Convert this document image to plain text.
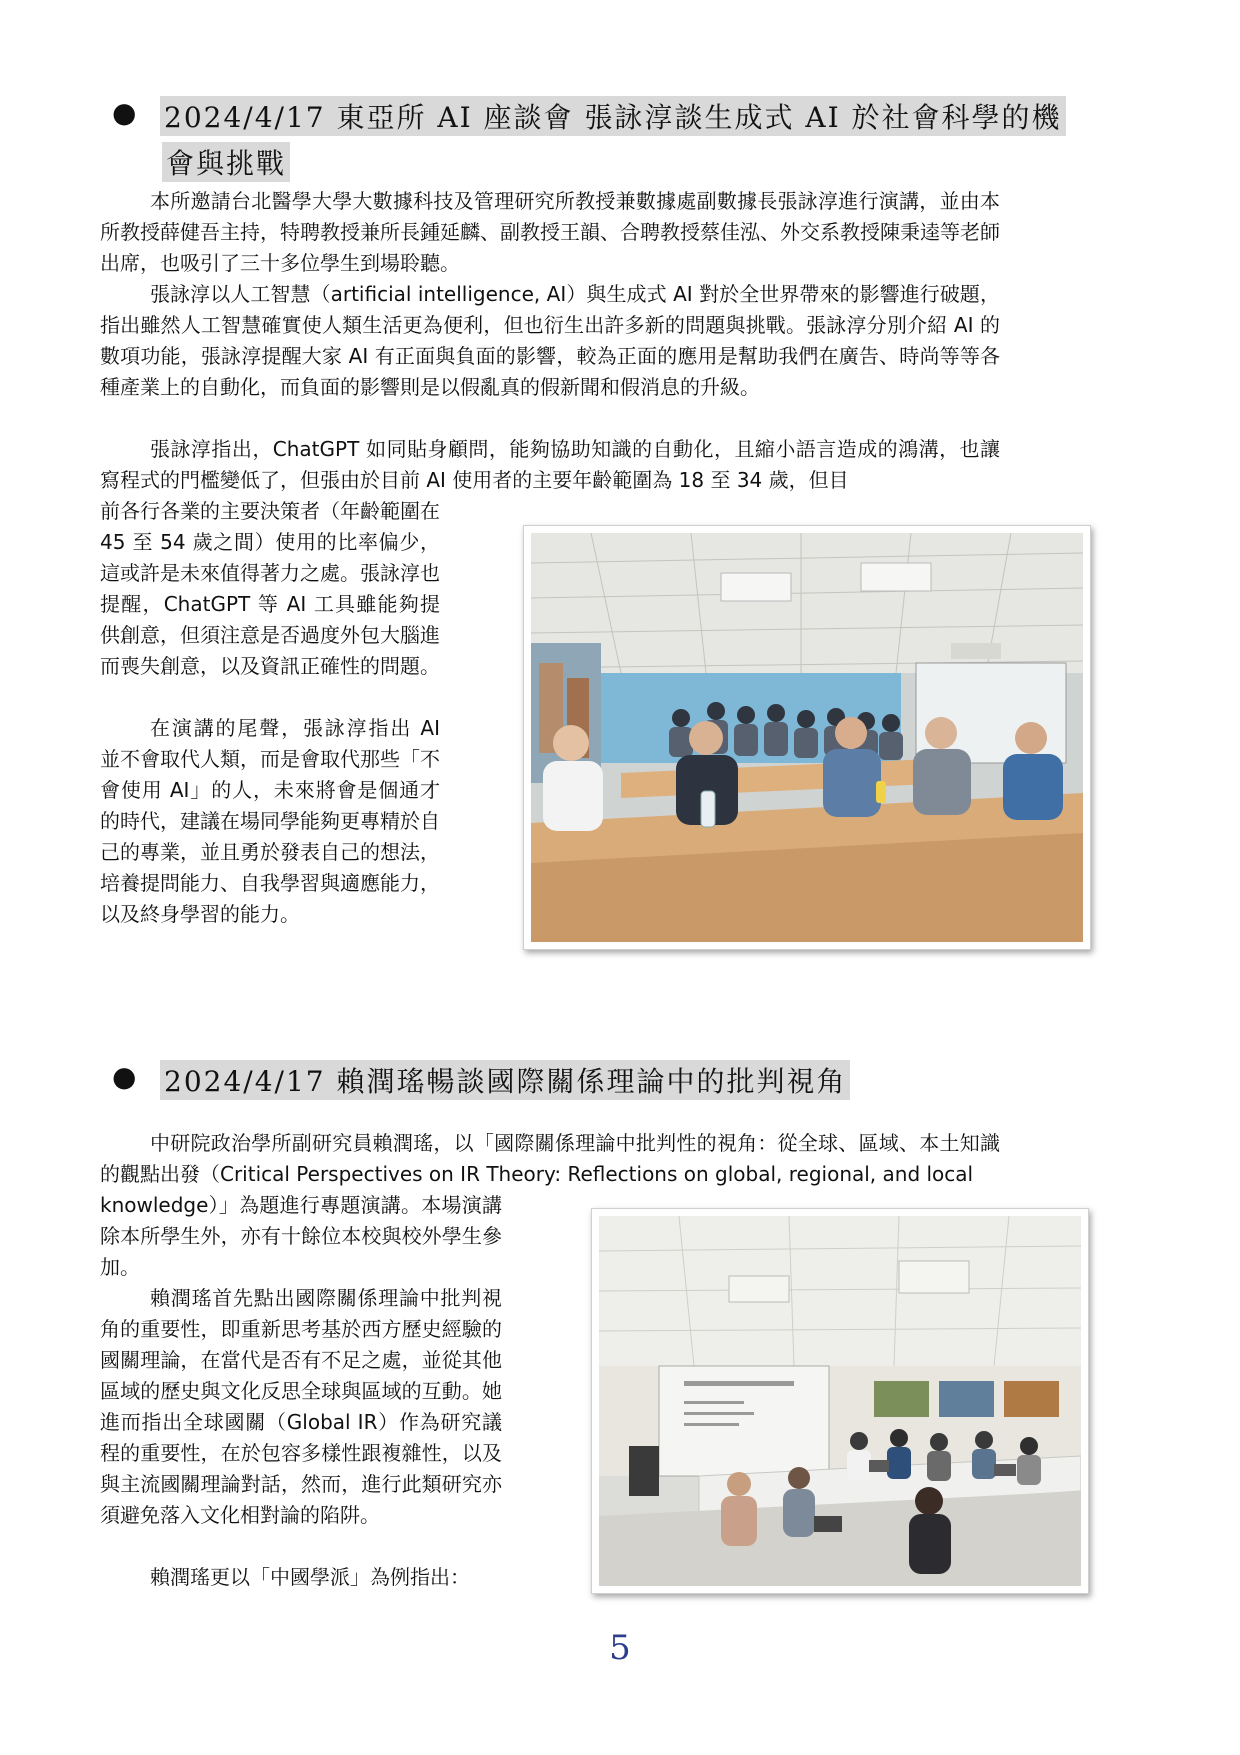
● 2024/4/17 東亞所 AI 座談會 張詠淳談生成式 AI 於社會科學的機
會與挑戰

本所邀請台北醫學大學大數據科技及管理研究所教授兼數據處副數據長張詠淳進行演講，並由本所教授薛健吾主持，特聘教授兼所長鍾延麟、副教授王韻、合聘教授蔡佳泓、外交系教授陳秉逵等老師出席，也吸引了三十多位學生到場聆聽。

張詠淳以人工智慧（artificial intelligence, AI）與生成式 AI 對於全世界帶來的影響進行破題，指出雖然人工智慧確實使人類生活更為便利，但也衍生出許多新的問題與挑戰。張詠淳分別介紹 AI 的數項功能，張詠淳提醒大家 AI 有正面與負面的影響，較為正面的應用是幫助我們在廣告、時尚等等各種產業上的自動化，而負面的影響則是以假亂真的假新聞和假消息的升級。

張詠淳指出，ChatGPT 如同貼身顧問，能夠協助知識的自動化，且縮小語言造成的鴻溝，也讓寫程式的門檻變低了，但張由於目前 AI 使用者的主要年齡範圍為 18 至 34 歲，但目

前各行各業的主要決策者（年齡範圍在 45 至 54 歲之間）使用的比率偏少，這或許是未來值得著力之處。張詠淳也提醒，ChatGPT 等 AI 工具雖能夠提供創意，但須注意是否過度外包大腦進而喪失創意，以及資訊正確性的問題。

在演講的尾聲，張詠淳指出 AI 並不會取代人類，而是會取代那些「不會使用 AI」的人，未來將會是個通才的時代，建議在場同學能夠更專精於自己的專業，並且勇於發表自己的想法，培養提問能力、自我學習與適應能力，以及終身學習的能力。

● 2024/4/17 賴潤瑤暢談國際關係理論中的批判視角

中研院政治學所副研究員賴潤瑤，以「國際關係理論中批判性的視角：從全球、區域、本土知識的觀點出發（Critical Perspectives on IR Theory: Reflections on global, regional, and local

knowledge）」為題進行專題演講。本場演講除本所學生外，亦有十餘位本校與校外學生參加。

賴潤瑤首先點出國際關係理論中批判視角的重要性，即重新思考基於西方歷史經驗的國關理論，在當代是否有不足之處，並從其他區域的歷史與文化反思全球與區域的互動。她進而指出全球國關（Global IR）作為研究議程的重要性，在於包容多樣性跟複雜性，以及與主流國關理論對話，然而，進行此類研究亦須避免落入文化相對論的陷阱。

賴潤瑤更以「中國學派」為例指出：

5
